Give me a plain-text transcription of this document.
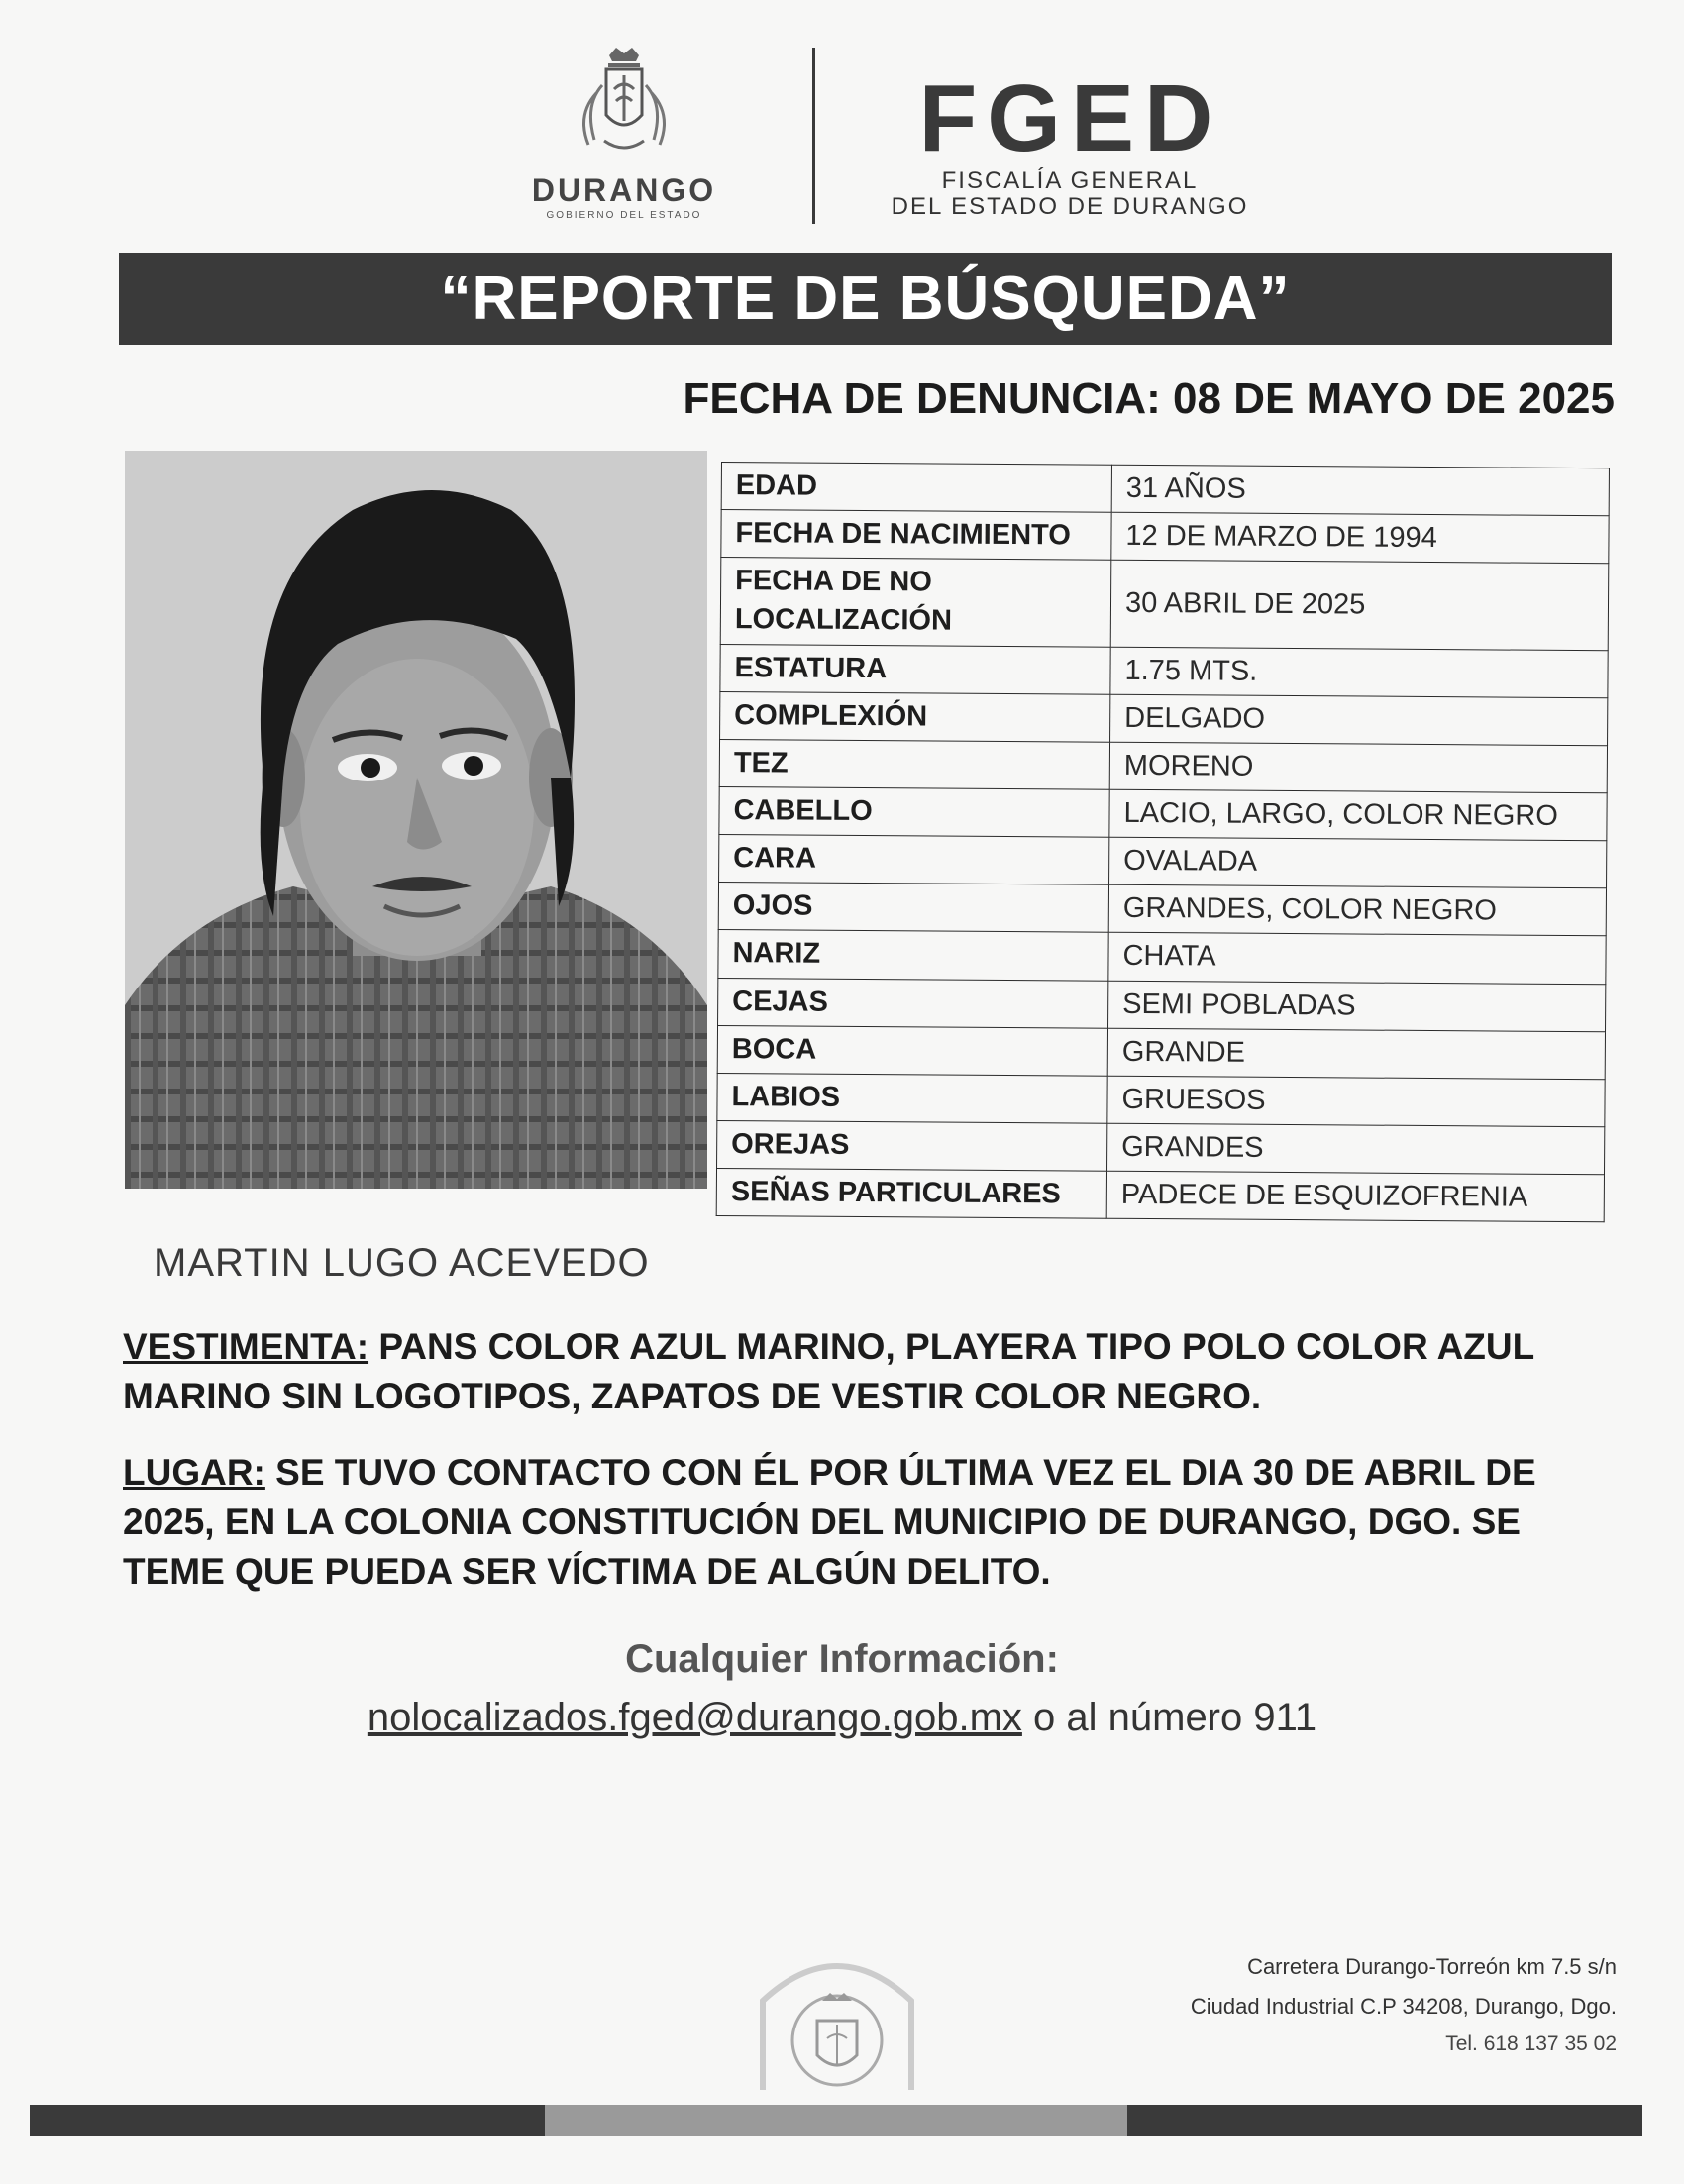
DURANGO
GOBIERNO DEL ESTADO
FGED
FISCALÍA GENERAL
DEL ESTADO DE DURANGO
“REPORTE DE BÚSQUEDA”
FECHA DE DENUNCIA: 08 DE MAYO DE 2025
EDAD	31 AÑOS
FECHA DE NACIMIENTO	12 DE MARZO DE 1994
FECHA DE NO LOCALIZACIÓN	30 ABRIL DE 2025
ESTATURA	1.75 MTS.
COMPLEXIÓN	DELGADO
TEZ	MORENO
CABELLO	LACIO, LARGO, COLOR NEGRO
CARA	OVALADA
OJOS	GRANDES, COLOR NEGRO
NARIZ	CHATA
CEJAS	SEMI POBLADAS
BOCA	GRANDE
LABIOS	GRUESOS
OREJAS	GRANDES
SEÑAS PARTICULARES	PADECE DE ESQUIZOFRENIA
MARTIN LUGO ACEVEDO
VESTIMENTA: PANS COLOR AZUL MARINO, PLAYERA TIPO POLO COLOR AZUL MARINO SIN LOGOTIPOS, ZAPATOS DE VESTIR COLOR NEGRO.
LUGAR: SE TUVO CONTACTO CON ÉL POR ÚLTIMA VEZ EL DIA 30 DE ABRIL DE 2025, EN LA COLONIA CONSTITUCIÓN DEL MUNICIPIO DE DURANGO, DGO. SE TEME QUE PUEDA SER VÍCTIMA DE ALGÚN DELITO.
Cualquier Información:
nolocalizados.fged@durango.gob.mx o al número 911
Carretera Durango-Torreón km 7.5 s/n
Ciudad Industrial C.P 34208, Durango, Dgo.
Tel. 618 137 35 02
